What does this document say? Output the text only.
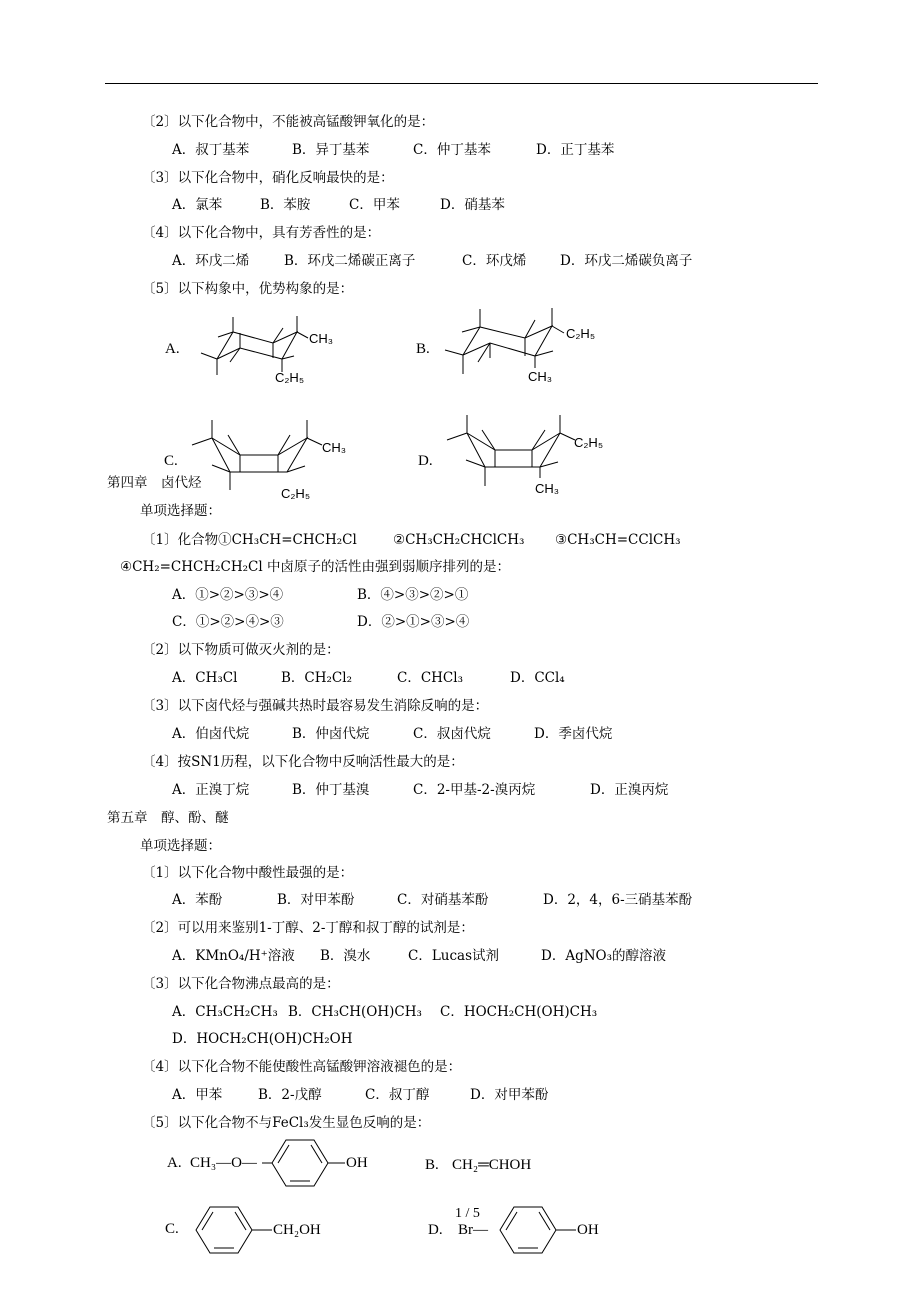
〔2〕以下化合物中，不能被高锰酸钾氧化的是：
A．叔丁基苯	B．异丁基苯	C．仲丁基苯	D．正丁基苯
〔3〕以下化合物中，硝化反响最快的是：
A．氯苯	B．苯胺	C．甲苯	D．硝基苯
〔4〕以下化合物中，具有芳香性的是：
A．环戊二烯	B．环戊二烯碳正离子	C．环戊烯 D．环戊二烯碳负离子
〔5〕以下构象中，优势构象的是：
A.
CH₃
C₂H₅
B.
C₂H₅
CH₃
C.
CH₃
C₂H₅
D.
C₂H₅
CH₃
第四章　卤代烃
单项选择题：
〔1〕化合物①CH₃CH=CHCH₂Cl	②CH₃CH₂CHClCH₃ ③CH₃CH=CClCH₃
④CH₂=CHCH₂CH₂Cl 中卤原子的活性由强到弱顺序排列的是：
A．①>②>③>④	B．④>③>②>①
C．①>②>④>③	D．②>①>③>④
〔2〕以下物质可做灭火剂的是：
A．CH₃Cl	B．CH₂Cl₂	C．CHCl₃	D．CCl₄
〔3〕以下卤代烃与强碱共热时最容易发生消除反响的是：
A．伯卤代烷	B．仲卤代烷	C．叔卤代烷	D．季卤代烷
〔4〕按SN1历程，以下化合物中反响活性最大的是：
A．正溴丁烷	B．仲丁基溴	C．2-甲基-2-溴丙烷	D．正溴丙烷
第五章　醇、酚、醚
单项选择题：
〔1〕以下化合物中酸性最强的是：
A．苯酚	B．对甲苯酚	C．对硝基苯酚	D．2，4，6-三硝基苯酚
〔2〕可以用来鉴别1-丁醇、2-丁醇和叔丁醇的试剂是：
A．KMnO₄/H⁺溶液 B．溴水	C．Lucas试剂	D．AgNO₃的醇溶液
〔3〕以下化合物沸点最高的是：
A．CH₃CH₂CH₃ B．CH₃CH(OH)CH₃ C．HOCH₂CH(OH)CH₃
D．HOCH₂CH(OH)CH₂OH
〔4〕以下化合物不能使酸性高锰酸钾溶液褪色的是：
A．甲苯	B．2-戊醇	C．叔丁醇	D．对甲苯酚
〔5〕以下化合物不与FeCl₃发生显色反响的是：
A. CH₃—O—	OH	B. CH₂═CHOH
C.	CH₂OH	D. Br—	OH
1 / 5
